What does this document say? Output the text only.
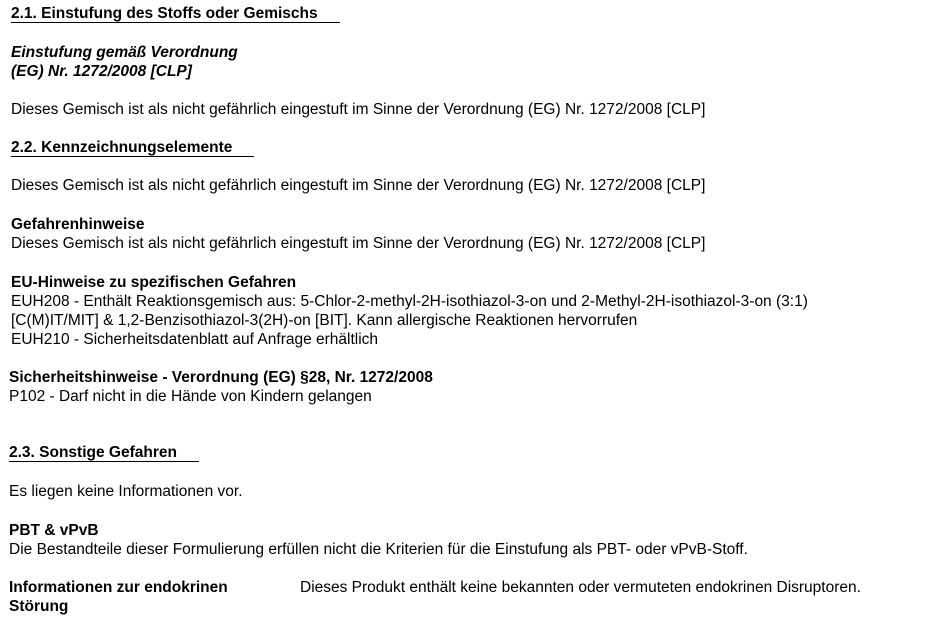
2.1. Einstufung des Stoffs oder Gemischs
Einstufung gemäß Verordnung
(EG) Nr. 1272/2008 [CLP]
Dieses Gemisch ist als nicht gefährlich eingestuft im Sinne der Verordnung (EG) Nr. 1272/2008 [CLP]
2.2. Kennzeichnungselemente
Dieses Gemisch ist als nicht gefährlich eingestuft im Sinne der Verordnung (EG) Nr. 1272/2008 [CLP]
Gefahrenhinweise
Dieses Gemisch ist als nicht gefährlich eingestuft im Sinne der Verordnung (EG) Nr. 1272/2008 [CLP]
EU-Hinweise zu spezifischen Gefahren
EUH208 - Enthält Reaktionsgemisch aus: 5-Chlor-2-methyl-2H-isothiazol-3-on und 2-Methyl-2H-isothiazol-3-on (3:1)
[C(M)IT/MIT] & 1,2-Benzisothiazol-3(2H)-on [BIT]. Kann allergische Reaktionen hervorrufen
EUH210 - Sicherheitsdatenblatt auf Anfrage erhältlich
Sicherheitshinweise - Verordnung (EG) §28, Nr. 1272/2008
P102 - Darf nicht in die Hände von Kindern gelangen
2.3. Sonstige Gefahren
Es liegen keine Informationen vor.
PBT & vPvB
Die Bestandteile dieser Formulierung erfüllen nicht die Kriterien für die Einstufung als PBT- oder vPvB-Stoff.
Informationen zur endokrinen
Störung
Dieses Produkt enthält keine bekannten oder vermuteten endokrinen Disruptoren.
